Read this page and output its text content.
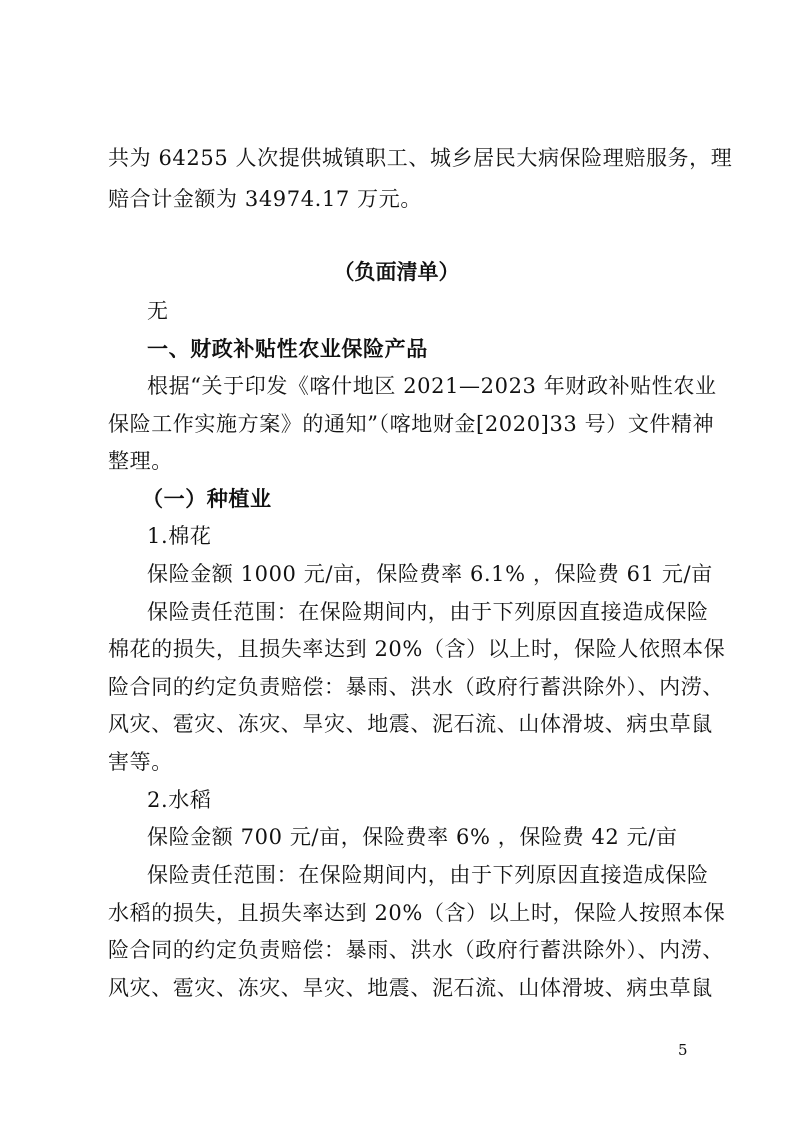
共为 64255 人次提供城镇职工、城乡居民大病保险理赔服务，理
赔合计金额为 34974.17 万元。
（负面清单）
无
一、财政补贴性农业保险产品
根据“关于印发《喀什地区 2021—2023 年财政补贴性农业
保险工作实施方案》的通知”（喀地财金[2020]33 号）文件精神
整理。
（一）种植业
1.棉花
保险金额 1000 元/亩，保险费率 6.1% ，保险费 61 元/亩
保险责任范围：在保险期间内，由于下列原因直接造成保险
棉花的损失，且损失率达到 20%（含）以上时，保险人依照本保
险合同的约定负责赔偿：暴雨、洪水（政府行蓄洪除外）、内涝、
风灾、雹灾、冻灾、旱灾、地震、泥石流、山体滑坡、病虫草鼠
害等。
2.水稻
保险金额 700 元/亩，保险费率 6% ，保险费 42 元/亩
保险责任范围：在保险期间内，由于下列原因直接造成保险
水稻的损失，且损失率达到 20%（含）以上时，保险人按照本保
险合同的约定负责赔偿：暴雨、洪水（政府行蓄洪除外）、内涝、
风灾、雹灾、冻灾、旱灾、地震、泥石流、山体滑坡、病虫草鼠
5
